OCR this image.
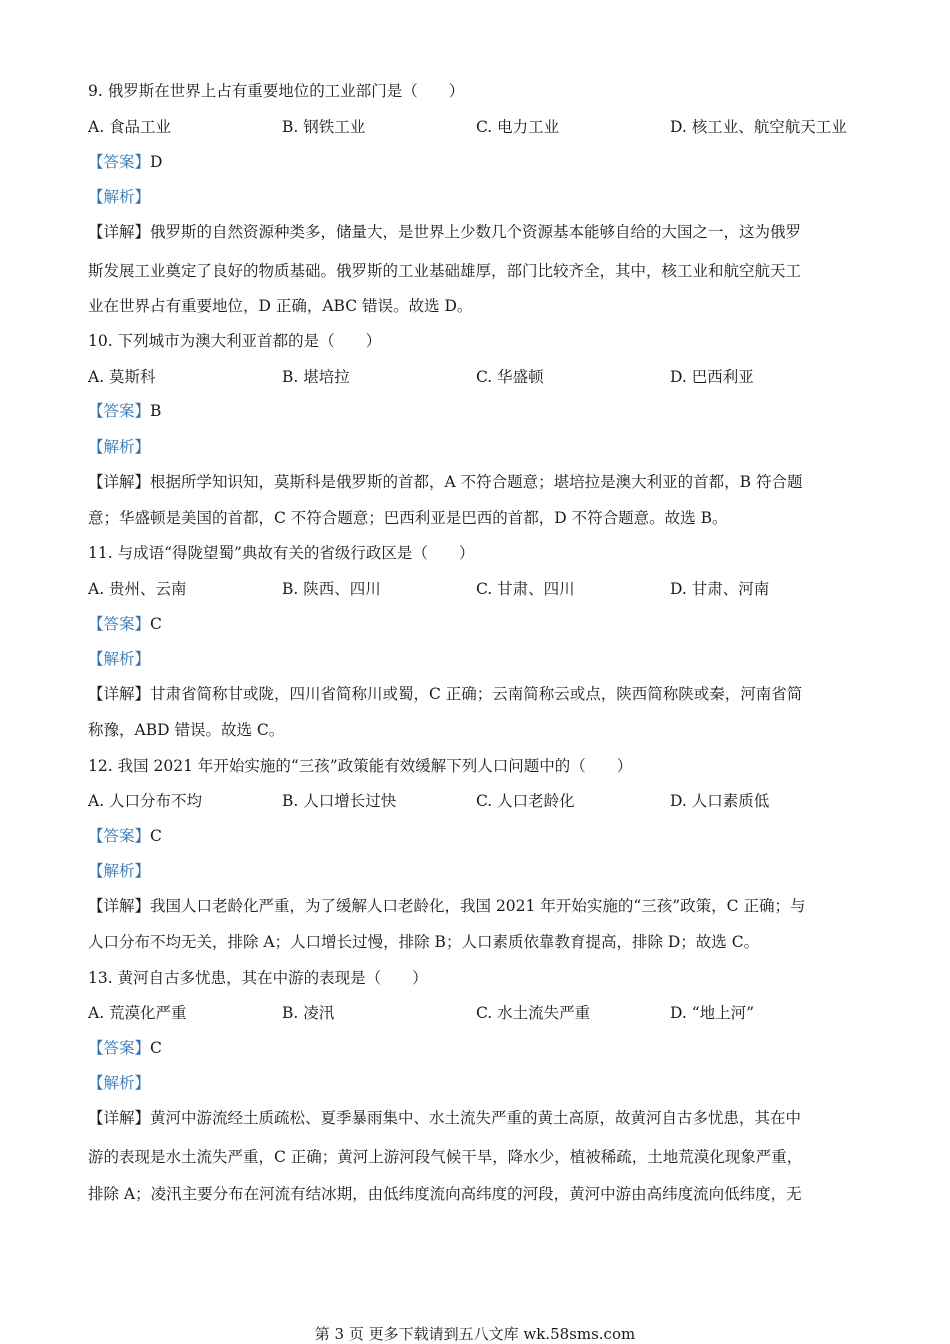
9. 俄罗斯在世界上占有重要地位的工业部门是（　　）
A. 食品工业	B. 钢铁工业	C. 电力工业	D. 核工业、航空航天工业
【答案】D
【解析】
【详解】俄罗斯的自然资源种类多，储量大，是世界上少数几个资源基本能够自给的大国之一，这为俄罗
斯发展工业奠定了良好的物质基础。俄罗斯的工业基础雄厚，部门比较齐全，其中，核工业和航空航天工
业在世界占有重要地位，D 正确，ABC 错误。故选 D。
10. 下列城市为澳大利亚首都的是（　　）
A. 莫斯科	B. 堪培拉	C. 华盛顿	D. 巴西利亚
【答案】B
【解析】
【详解】根据所学知识知，莫斯科是俄罗斯的首都，A 不符合题意；堪培拉是澳大利亚的首都，B 符合题
意；华盛顿是美国的首都，C 不符合题意；巴西利亚是巴西的首都，D 不符合题意。故选 B。
11. 与成语“得陇望蜀”典故有关的省级行政区是（　　）
A. 贵州、云南	B. 陕西、四川	C. 甘肃、四川	D. 甘肃、河南
【答案】C
【解析】
【详解】甘肃省简称甘或陇，四川省简称川或蜀，C 正确；云南简称云或点，陕西简称陕或秦，河南省简
称豫，ABD 错误。故选 C。
12. 我国 2021 年开始实施的“三孩”政策能有效缓解下列人口问题中的（　　）
A. 人口分布不均	B. 人口增长过快	C. 人口老龄化	D. 人口素质低
【答案】C
【解析】
【详解】我国人口老龄化严重，为了缓解人口老龄化，我国 2021 年开始实施的“三孩”政策，C 正确；与
人口分布不均无关，排除 A；人口增长过慢，排除 B；人口素质依靠教育提高，排除 D；故选 C。
13. 黄河自古多忧患，其在中游的表现是（　　）
A. 荒漠化严重	B. 凌汛	C. 水土流失严重	D. “地上河”
【答案】C
【解析】
【详解】黄河中游流经土质疏松、夏季暴雨集中、水土流失严重的黄土高原，故黄河自古多忧患，其在中
游的表现是水土流失严重，C 正确；黄河上游河段气候干旱，降水少，植被稀疏，土地荒漠化现象严重，
排除 A；凌汛主要分布在河流有结冰期，由低纬度流向高纬度的河段，黄河中游由高纬度流向低纬度，无
第 3 页 更多下载请到五八文库 wk.58sms.com
